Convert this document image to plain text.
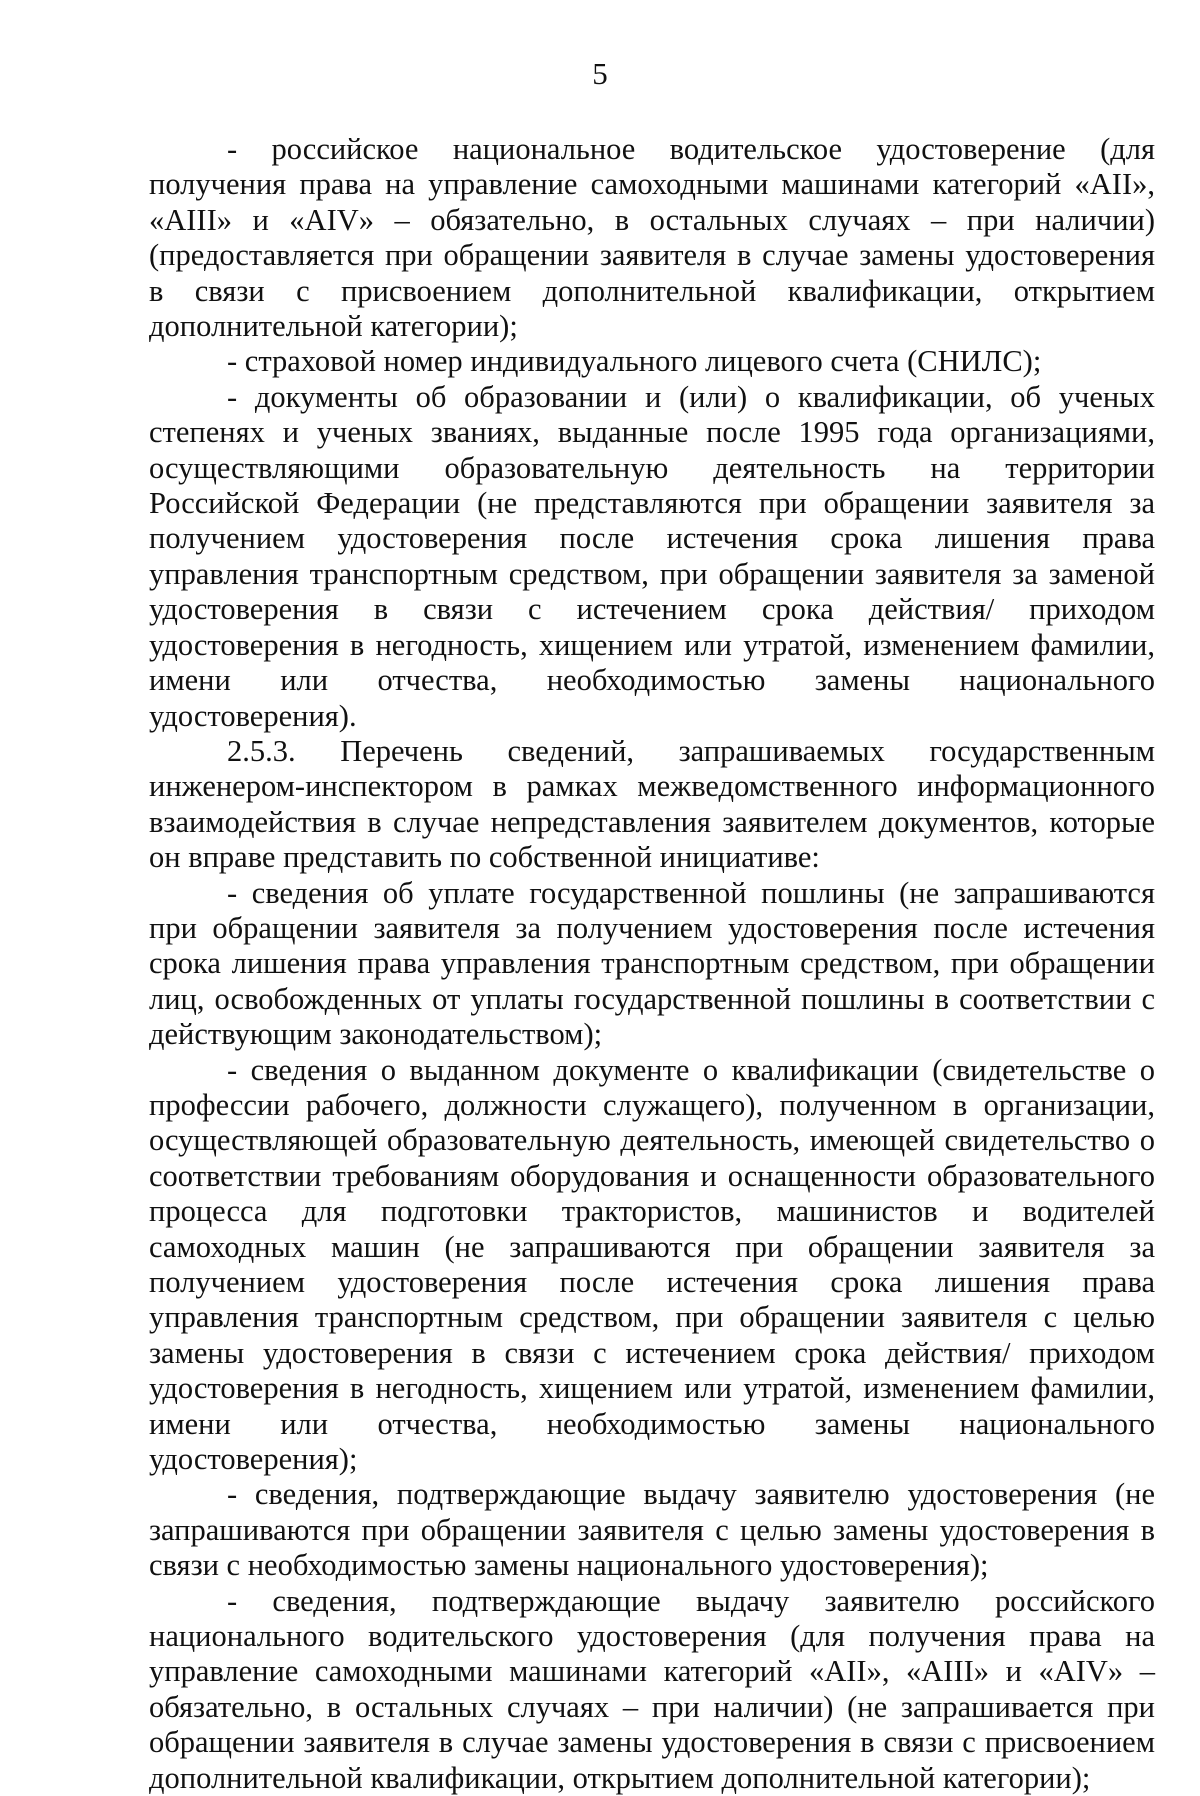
5

- российское национальное водительское удостоверение (для получения права на управление самоходными машинами категорий «AII», «AIII» и «AIV» – обязательно, в остальных случаях – при наличии) (предоставляется при обращении заявителя в случае замены удостоверения в связи с присвоением дополнительной квалификации, открытием дополнительной категории);

- страховой номер индивидуального лицевого счета (СНИЛС);

- документы об образовании и (или) о квалификации, об ученых степенях и ученых званиях, выданные после 1995 года организациями, осуществляющими образовательную деятельность на территории Российской Федерации (не представляются при обращении заявителя за получением удостоверения после истечения срока лишения права управления транспортным средством, при обращении заявителя за заменой удостоверения в связи с истечением срока действия/ приходом удостоверения в негодность, хищением или утратой, изменением фамилии, имени или отчества, необходимостью замены национального удостоверения).

2.5.3. Перечень сведений, запрашиваемых государственным инженером-инспектором в рамках межведомственного информационного взаимодействия в случае непредставления заявителем документов, которые он вправе представить по собственной инициативе:

- сведения об уплате государственной пошлины (не запрашиваются при обращении заявителя за получением удостоверения после истечения срока лишения права управления транспортным средством, при обращении лиц, освобожденных от уплаты государственной пошлины в соответствии с действующим законодательством);

- сведения о выданном документе о квалификации (свидетельстве о профессии рабочего, должности служащего), полученном в организации, осуществляющей образовательную деятельность, имеющей свидетельство о соответствии требованиям оборудования и оснащенности образовательного процесса для подготовки трактористов, машинистов и водителей самоходных машин (не запрашиваются при обращении заявителя за получением удостоверения после истечения срока лишения права управления транспортным средством, при обращении заявителя с целью замены удостоверения в связи с истечением срока действия/ приходом удостоверения в негодность, хищением или утратой, изменением фамилии, имени или отчества, необходимостью замены национального удостоверения);

- сведения, подтверждающие выдачу заявителю удостоверения (не запрашиваются при обращении заявителя с целью замены удостоверения в связи с необходимостью замены национального удостоверения);

- сведения, подтверждающие выдачу заявителю российского национального водительского удостоверения (для получения права на управление самоходными машинами категорий «AII», «AIII» и «AIV» – обязательно, в остальных случаях – при наличии) (не запрашивается при обращении заявителя в случае замены удостоверения в связи с присвоением дополнительной квалификации, открытием дополнительной категории);
